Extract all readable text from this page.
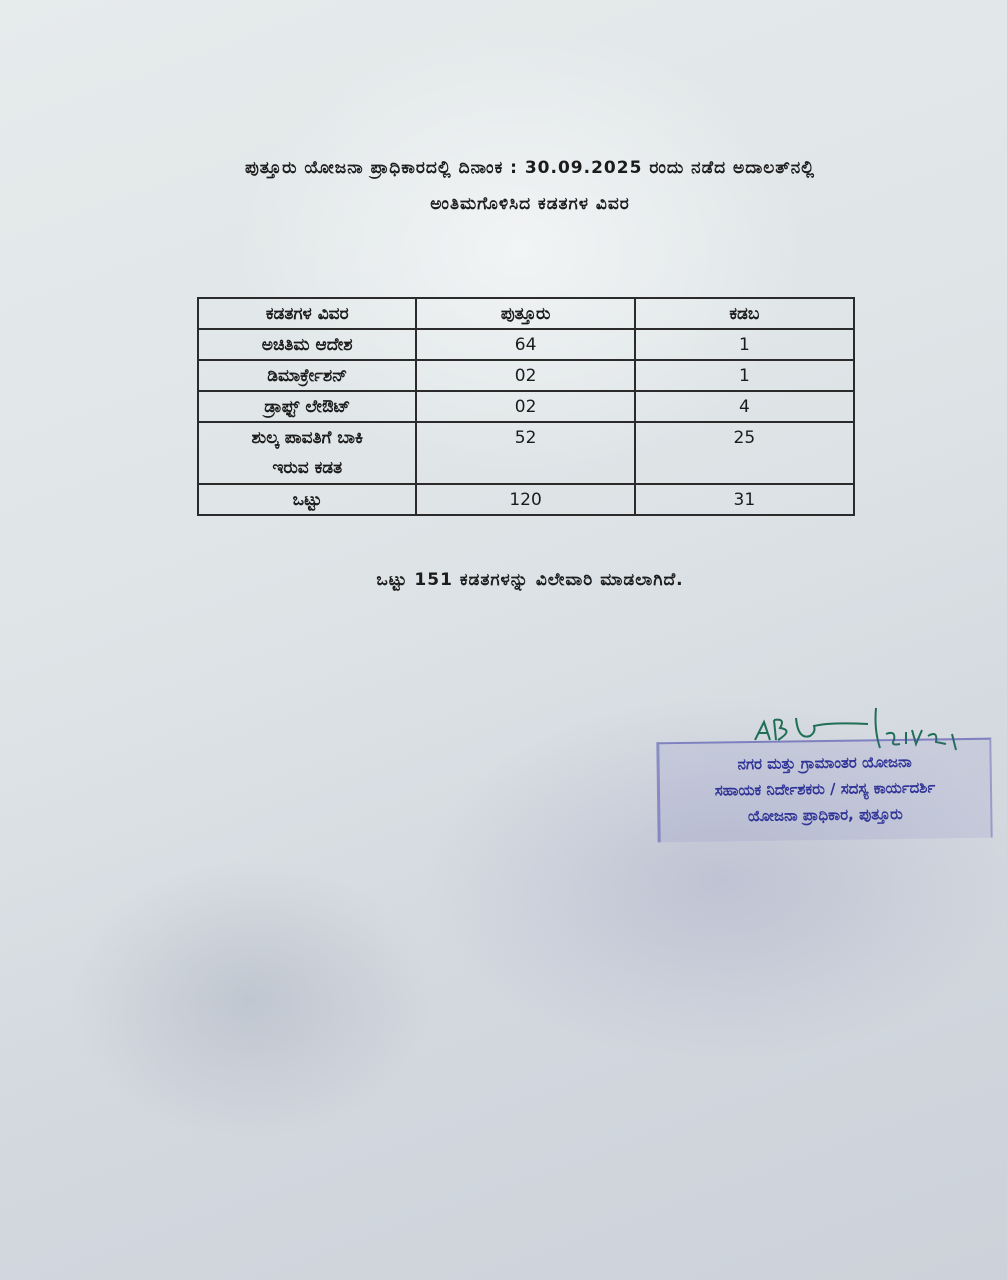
ಪುತ್ತೂರು ಯೋಜನಾ ಪ್ರಾಧಿಕಾರದಲ್ಲಿ ದಿನಾಂಕ : 30.09.2025 ರಂದು ನಡೆದ ಅದಾಲತ್‌ನಲ್ಲಿ
ಅಂತಿಮಗೊಳಿಸಿದ ಕಡತಗಳ ವಿವರ
ಕಡತಗಳ ವಿವರ	ಪುತ್ತೂರು	ಕಡಬ
ಅಚಿತಿಮ ಆದೇಶ	64	1
ಡಿಮಾರ್ಕ್ರೇಶನ್	02	1
ಡ್ರಾಫ್ಟ್ ಲೇಔಟ್	02	4

ಶುಲ್ಕ ಪಾವತಿಗೆ ಬಾಕಿ
ಇರುವ ಕಡತ	52	25
ಒಟ್ಟು	120	31
ಒಟ್ಟು 151 ಕಡತಗಳನ್ನು ವಿಲೇವಾರಿ ಮಾಡಲಾಗಿದೆ.
ನಗರ ಮತ್ತು ಗ್ರಾಮಾಂತರ ಯೋಜನಾ
ಸಹಾಯಕ ನಿರ್ದೇಶಕರು / ಸದಸ್ಯ ಕಾರ್ಯದರ್ಶಿ
ಯೋಜನಾ ಪ್ರಾಧಿಕಾರ, ಪುತ್ತೂರು
